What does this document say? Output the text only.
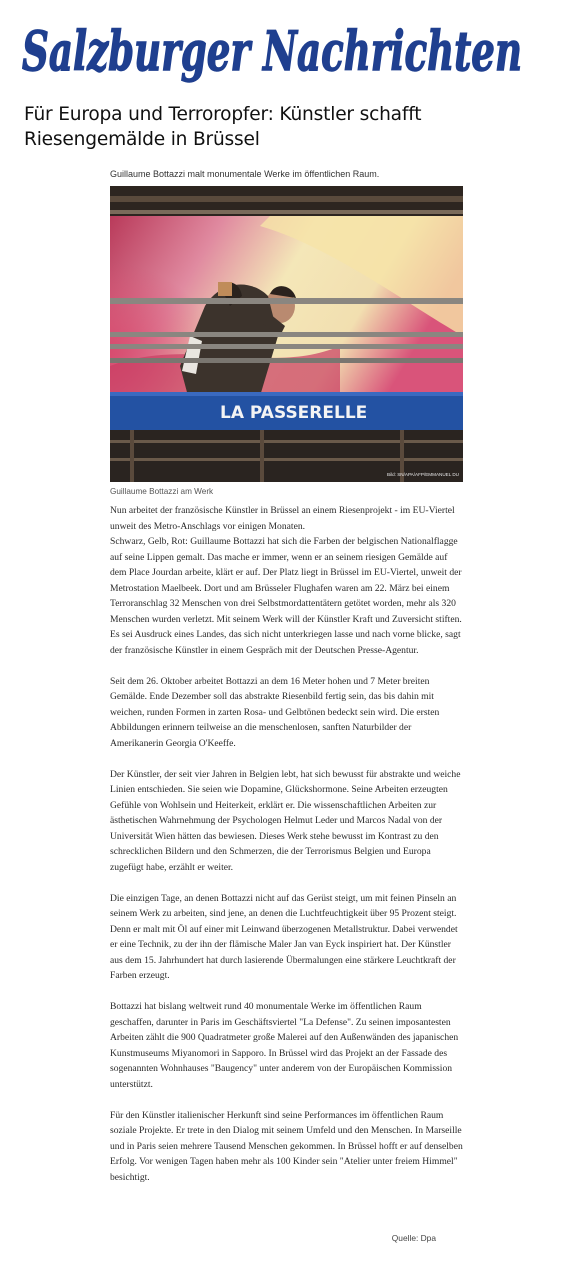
Salzburger Nachrichten
Für Europa und Terroropfer: Künstler schafft Riesengemälde in Brüssel
Guillaume Bottazzi malt monumentale Werke im öffentlichen Raum.
LA PASSERELLE
Bild: SN/APA/AFP/EMMANUEL DU
Guillaume Bottazzi am Werk

Nun arbeitet der französische Künstler in Brüssel an einem Riesenprojekt - im EU-Viertel unweit des Metro-Anschlags vor einigen Monaten.
Schwarz, Gelb, Rot: Guillaume Bottazzi hat sich die Farben der belgischen Nationalflagge auf seine Lippen gemalt. Das mache er immer, wenn er an seinem riesigen Gemälde auf dem Place Jourdan arbeite, klärt er auf. Der Platz liegt in Brüssel im EU-Viertel, unweit der Metrostation Maelbeek. Dort und am Brüsseler Flughafen waren am 22. März bei einem Terroranschlag 32 Menschen von drei Selbstmordattentätern getötet worden, mehr als 320 Menschen wurden verletzt. Mit seinem Werk will der Künstler Kraft und Zuversicht stiften. Es sei Ausdruck eines Landes, das sich nicht unterkriegen lasse und nach vorne blicke, sagt der französische Künstler in einem Gespräch mit der Deutschen Presse-Agentur.

Seit dem 26. Oktober arbeitet Bottazzi an dem 16 Meter hohen und 7 Meter breiten Gemälde. Ende Dezember soll das abstrakte Riesenbild fertig sein, das bis dahin mit weichen, runden Formen in zarten Rosa- und Gelbtönen bedeckt sein wird. Die ersten Abbildungen erinnern teilweise an die menschenlosen, sanften Naturbilder der Amerikanerin Georgia O'Keeffe.

Der Künstler, der seit vier Jahren in Belgien lebt, hat sich bewusst für abstrakte und weiche Linien entschieden. Sie seien wie Dopamine, Glückshormone. Seine Arbeiten erzeugten Gefühle von Wohlsein und Heiterkeit, erklärt er. Die wissenschaftlichen Arbeiten zur ästhetischen Wahrnehmung der Psychologen Helmut Leder und Marcos Nadal von der Universität Wien hätten das bewiesen. Dieses Werk stehe bewusst im Kontrast zu den schrecklichen Bildern und den Schmerzen, die der Terrorismus Belgien und Europa zugefügt habe, erzählt er weiter.

Die einzigen Tage, an denen Bottazzi nicht auf das Gerüst steigt, um mit feinen Pinseln an seinem Werk zu arbeiten, sind jene, an denen die Luchtfeuchtigkeit über 95 Prozent steigt. Denn er malt mit Öl auf einer mit Leinwand überzogenen Metallstruktur. Dabei verwendet er eine Technik, zu der ihn der flämische Maler Jan van Eyck inspiriert hat. Der Künstler aus dem 15. Jahrhundert hat durch lasierende Übermalungen eine stärkere Leuchtkraft der Farben erzeugt.

Bottazzi hat bislang weltweit rund 40 monumentale Werke im öffentlichen Raum geschaffen, darunter in Paris im Geschäftsviertel "La Defense". Zu seinen imposantesten Arbeiten zählt die 900 Quadratmeter große Malerei auf den Außenwänden des japanischen Kunstmuseums Miyanomori in Sapporo. In Brüssel wird das Projekt an der Fassade des sogenannten Wohnhauses "Baugency" unter anderem von der Europäischen Kommission unterstützt.

Für den Künstler italienischer Herkunft sind seine Performances im öffentlichen Raum soziale Projekte. Er trete in den Dialog mit seinem Umfeld und den Menschen. In Marseille und in Paris seien mehrere Tausend Menschen gekommen. In Brüssel hofft er auf denselben Erfolg. Vor wenigen Tagen haben mehr als 100 Kinder sein "Atelier unter freiem Himmel" besichtigt.

Quelle: Dpa
